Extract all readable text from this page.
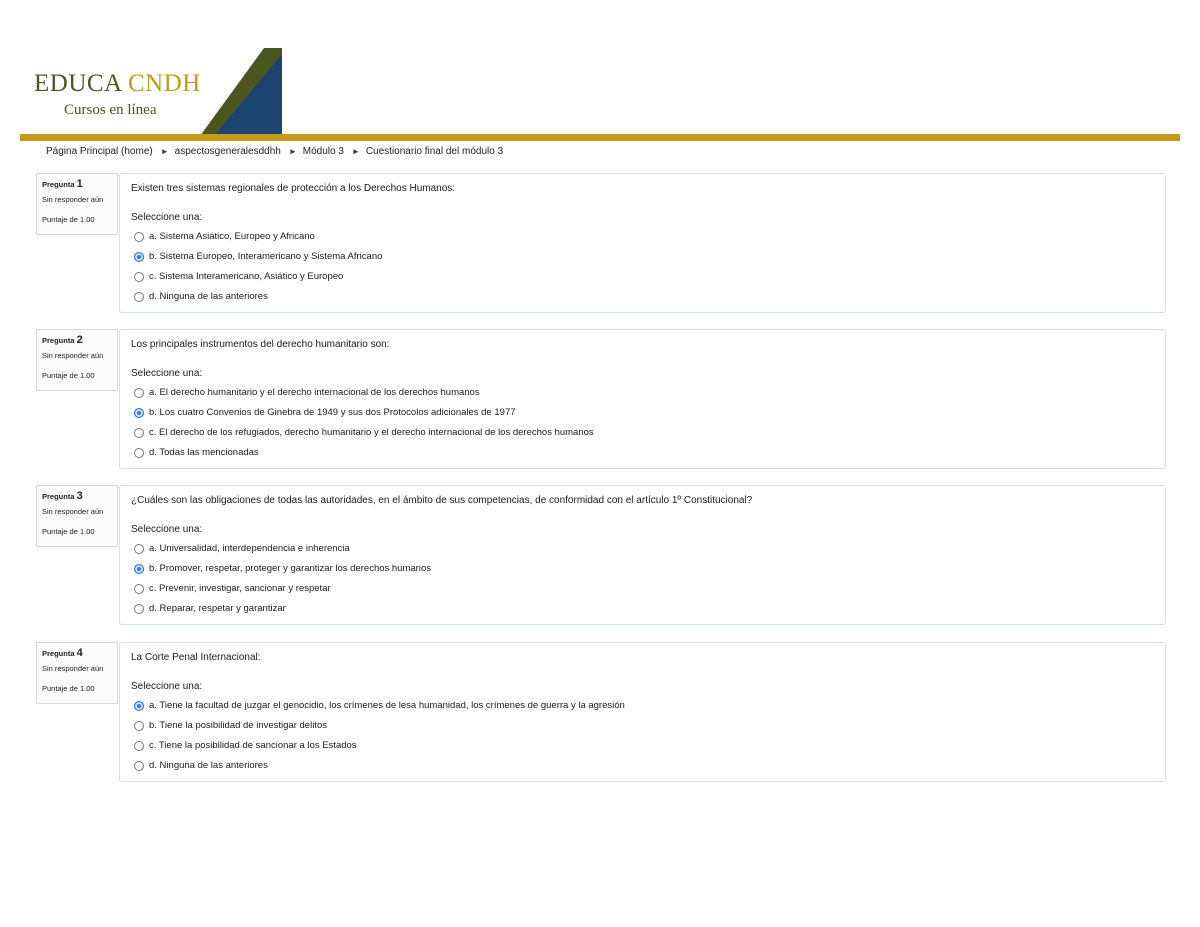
EDUCA CNDH
Cursos en línea
Página Principal (home) ► aspectosgeneralesddhh ► Módulo 3 ► Cuestionario final del módulo 3
Pregunta 1
Sin responder aún
Puntaje de 1.00
Existen tres sistemas regionales de protección a los Derechos Humanos:
Seleccione una:
a. Sistema Asiático, Europeo y Africano
b. Sistema Europeo, Interamericano y Sistema Africano
c. Sistema Interamericano, Asiático y Europeo
d. Ninguna de las anteriores
Pregunta 2
Sin responder aún
Puntaje de 1.00
Los principales instrumentos del derecho humanitario son:
Seleccione una:
a. El derecho humanitario y el derecho internacional de los derechos humanos
b. Los cuatro Convenios de Ginebra de 1949 y sus dos Protocolos adicionales de 1977
c. El derecho de los refugiados, derecho humanitario y el derecho internacional de los derechos humanos
d. Todas las mencionadas
Pregunta 3
Sin responder aún
Puntaje de 1.00
¿Cuáles son las obligaciones de todas las autoridades, en el ámbito de sus competencias, de conformidad con el artículo 1º Constitucional?
Seleccione una:
a. Universalidad, interdependencia e inherencia
b. Promover, respetar, proteger y garantizar los derechos humanos
c. Prevenir, investigar, sancionar y respetar
d. Reparar, respetar y garantizar
Pregunta 4
Sin responder aún
Puntaje de 1.00
La Corte Penal Internacional:
Seleccione una:
a. Tiene la facultad de juzgar el genocidio, los crímenes de lesa humanidad, los crímenes de guerra y la agresión
b. Tiene la posibilidad de investigar delitos
c. Tiene la posibilidad de sancionar a los Estados
d. Ninguna de las anteriores
